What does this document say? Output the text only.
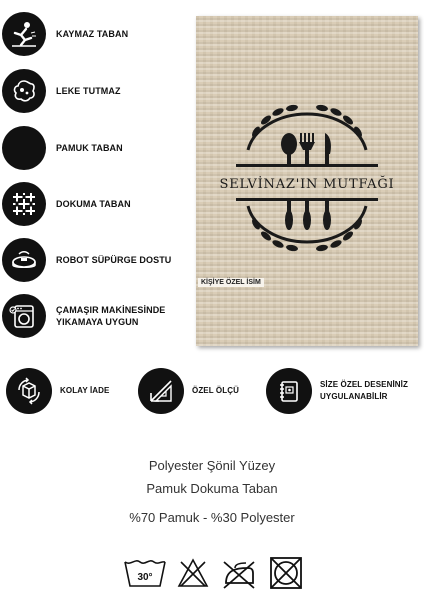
KAYMAZ TABAN
LEKE TUTMAZ
PAMUK TABAN
DOKUMA TABAN
ROBOT SÜPÜRGE DOSTU
ÇAMAŞIR MAKİNESİNDE
YIKAMAYA UYGUN
SELVİNAZ'IN MUTFAĞI
KİŞİYE ÖZEL İSİM
KOLAY İADE	ÖZEL ÖLÇÜ
SİZE ÖZEL DESENİNİZ
UYGULANABİLİR
Polyester Şönil Yüzey
Pamuk Dokuma Taban
%70 Pamuk - %30 Polyester
30°
